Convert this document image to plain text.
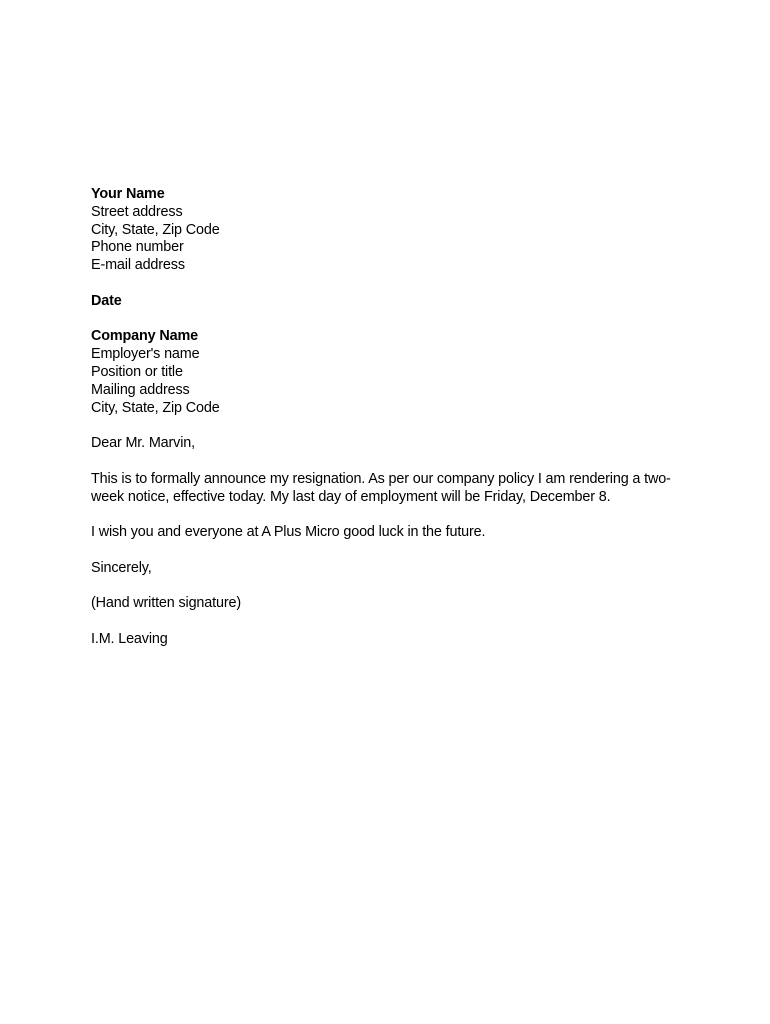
Your Name
Street address
City, State, Zip Code
Phone number
E-mail address
Date
Company Name
Employer's name
Position or title
Mailing address
City, State, Zip Code
Dear Mr. Marvin,

This is to formally announce my resignation. As per our company policy I am rendering a two-week notice, effective today. My last day of employment will be Friday, December 8.

I wish you and everyone at A Plus Micro good luck in the future.

Sincerely,
(Hand written signature)
I.M. Leaving
